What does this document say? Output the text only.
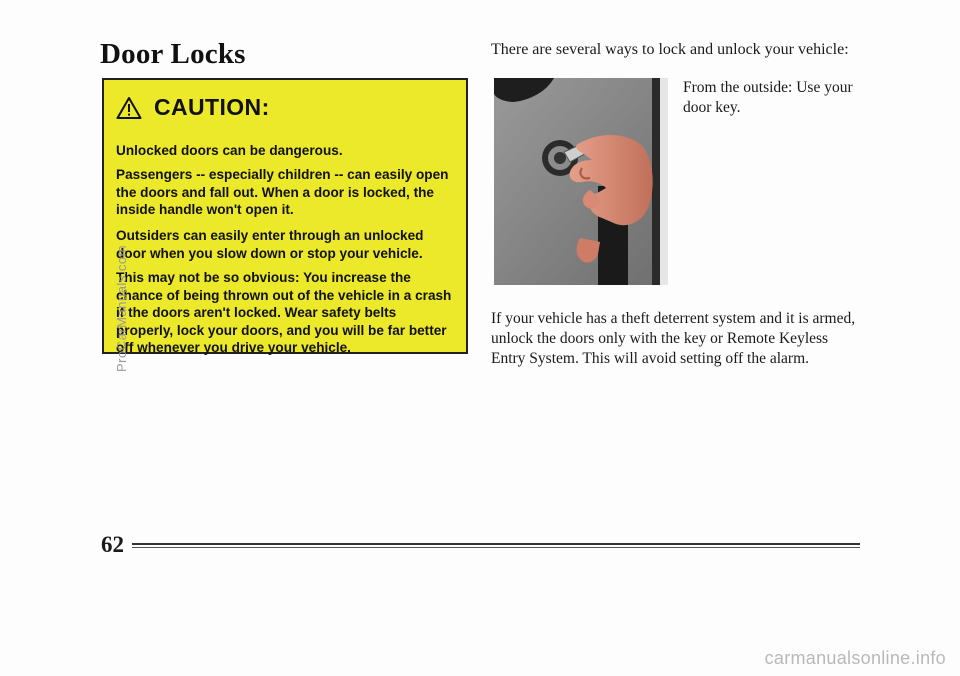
Door Locks
CAUTION:

Unlocked doors can be dangerous.

Passengers -- especially children -- can easily open the doors and fall out. When a door is locked, the inside handle won't open it.

Outsiders can easily enter through an unlocked door when you slow down or stop your vehicle.

This may not be so obvious: You increase the chance of being thrown out of the vehicle in a crash if the doors aren't locked. Wear safety belts properly, lock your doors, and you will be far better off whenever you drive your vehicle.

There are several ways to lock and unlock your vehicle:

From the outside: Use your door key.

If your vehicle has a theft deterrent system and it is armed, unlock the doors only with the key or Remote Keyless Entry System. This will avoid setting off the alarm.

62
ProCarManuals.com
carmanualsonline.info
